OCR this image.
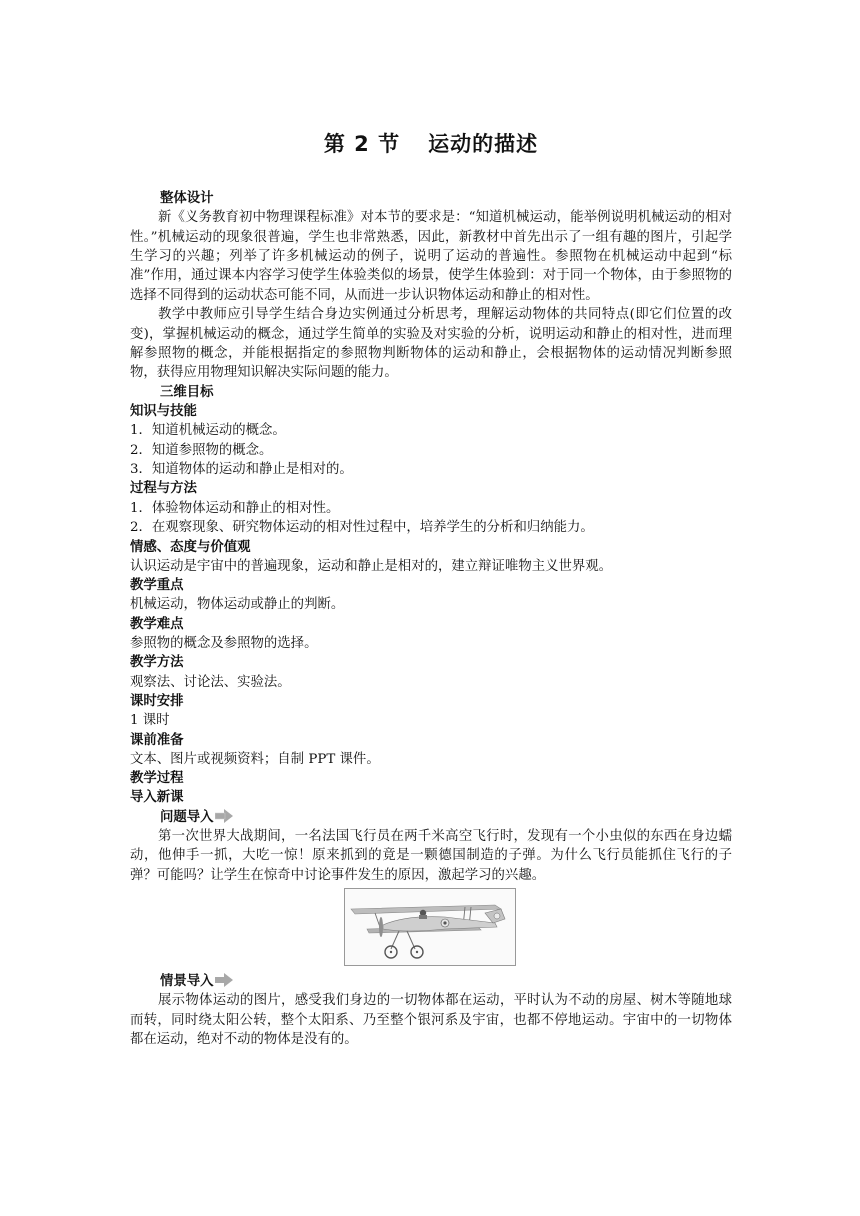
第 2 节 运动的描述
整体设计

新《义务教育初中物理课程标准》对本节的要求是：“知道机械运动，能举例说明机械运动的相对性。”机械运动的现象很普遍，学生也非常熟悉，因此，新教材中首先出示了一组有趣的图片，引起学生学习的兴趣；列举了许多机械运动的例子，说明了运动的普遍性。参照物在机械运动中起到“标准”作用，通过课本内容学习使学生体验类似的场景，使学生体验到：对于同一个物体，由于参照物的选择不同得到的运动状态可能不同，从而进一步认识物体运动和静止的相对性。

教学中教师应引导学生结合身边实例通过分析思考，理解运动物体的共同特点(即它们位置的改变)，掌握机械运动的概念，通过学生简单的实验及对实验的分析，说明运动和静止的相对性，进而理解参照物的概念，并能根据指定的参照物判断物体的运动和静止，会根据物体的运动情况判断参照物，获得应用物理知识解决实际问题的能力。

三维目标
知识与技能

1．知道机械运动的概念。

2．知道参照物的概念。

3．知道物体的运动和静止是相对的。

过程与方法

1．体验物体运动和静止的相对性。

2．在观察现象、研究物体运动的相对性过程中，培养学生的分析和归纳能力。

情感、态度与价值观

认识运动是宇宙中的普遍现象，运动和静止是相对的，建立辩证唯物主义世界观。

教学重点

机械运动，物体运动或静止的判断。

教学难点

参照物的概念及参照物的选择。

教学方法

观察法、讨论法、实验法。

课时安排

1 课时

课前准备

文本、图片或视频资料；自制 PPT 课件。

教学过程
导入新课
问题导入

第一次世界大战期间，一名法国飞行员在两千米高空飞行时，发现有一个小虫似的东西在身边蠕动，他伸手一抓，大吃一惊！原来抓到的竟是一颗德国制造的子弹。为什么飞行员能抓住飞行的子弹？可能吗？让学生在惊奇中讨论事件发生的原因，激起学习的兴趣。

情景导入

展示物体运动的图片，感受我们身边的一切物体都在运动，平时认为不动的房屋、树木等随地球而转，同时绕太阳公转，整个太阳系、乃至整个银河系及宇宙，也都不停地运动。宇宙中的一切物体都在运动，绝对不动的物体是没有的。
